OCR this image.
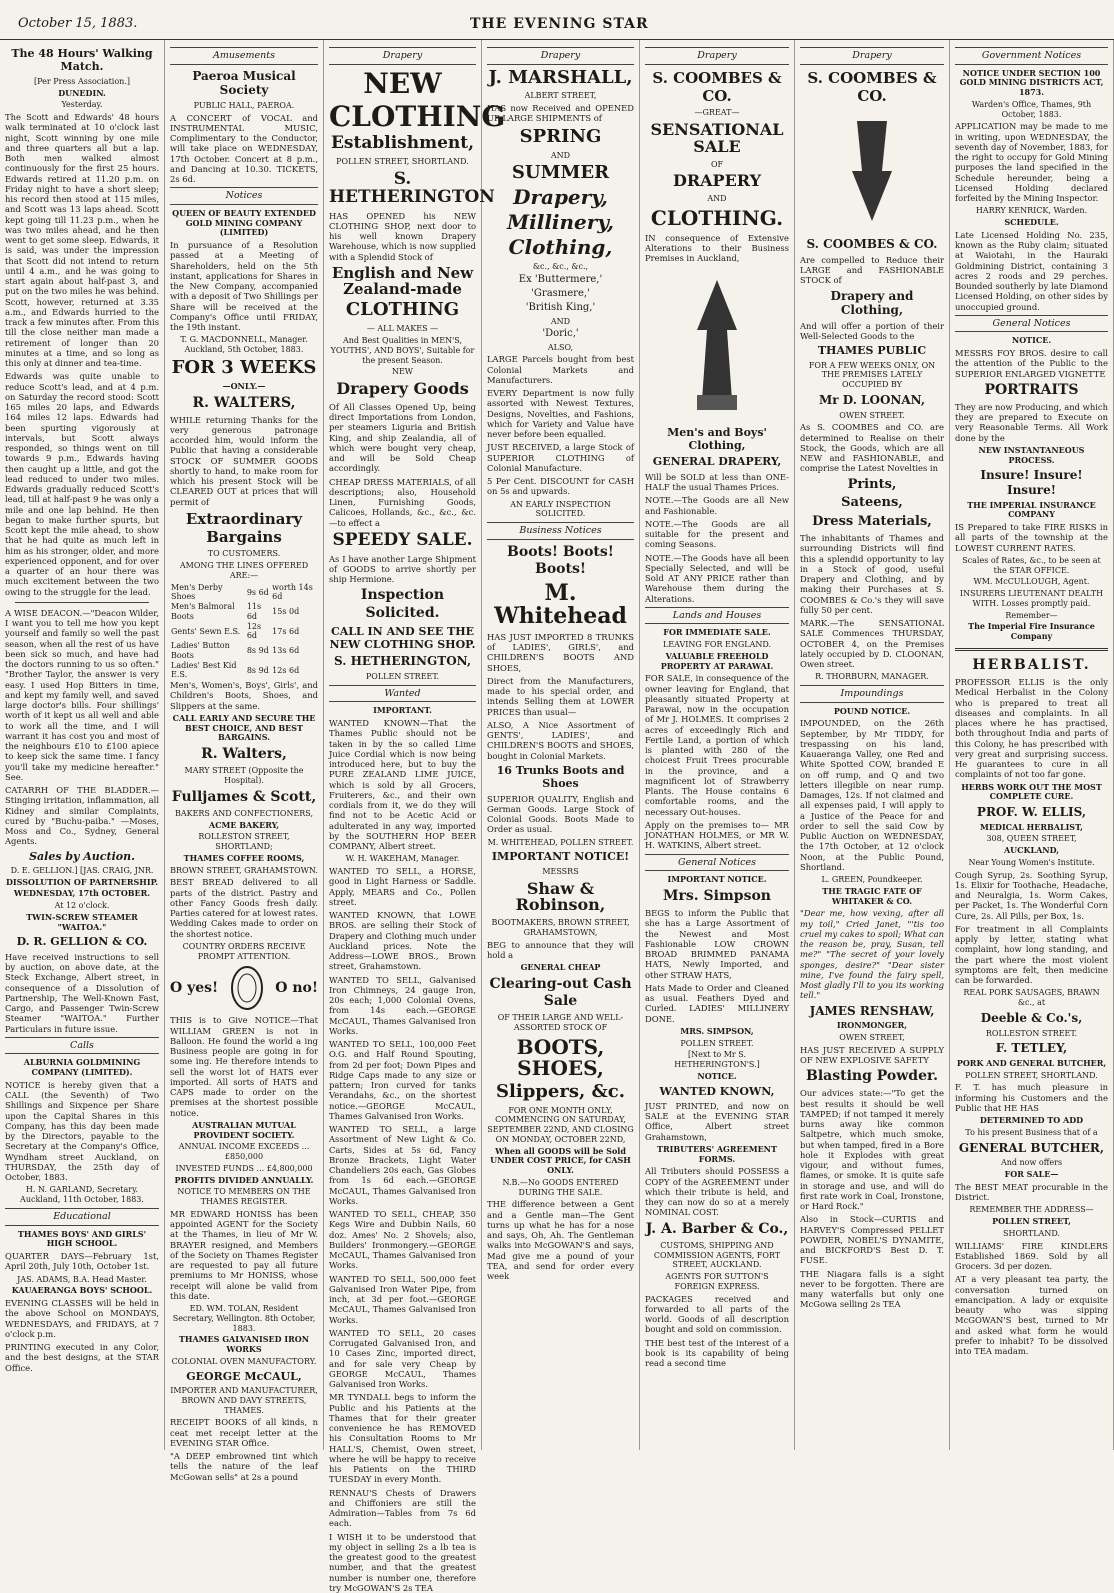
October 15, 1883.	THE EVENING STAR
The 48 Hours' Walking Match.
[Per Press Association.]
DUNEDIN.
Yesterday.

The Scott and Edwards' 48 hours walk terminated at 10 o'clock last night, Scott winning by one mile and three quarters all but a lap. Both men walked almost continuously for the first 25 hours. Edwards retired at 11.20 p.m. on Friday night to have a short sleep; his record then stood at 115 miles, and Scott was 13 laps ahead. Scott kept going till 11.23 p.m., when he was two miles ahead, and he then went to get some sleep. Edwards, it is said, was under the impression that Scott did not intend to return until 4 a.m., and he was going to start again about half-past 3, and put on the two miles he was behind. Scott, however, returned at 3.35 a.m., and Edwards hurried to the track a few minutes after. From this till the close neither man made a retirement of longer than 20 minutes at a time, and so long as this only at dinner and tea-time.

Edwards was quite unable to reduce Scott's lead, and at 4 p.m. on Saturday the record stood: Scott 165 miles 20 laps, and Edwards 164 miles 12 laps. Edwards had been spurting vigorously at intervals, but Scott always responded, so things went on till towards 9 p.m., Edwards having then caught up a little, and got the lead reduced to under two miles. Edwards gradually reduced Scott's lead, till at half-past 9 he was only a mile and one lap behind. He then began to make further spurts, but Scott kept the mile ahead, to show that he had quite as much left in him as his stronger, older, and more experienced opponent, and for over a quarter of an hour there was much excitement between the two owing to the struggle for the lead.

A WISE DEACON.—"Deacon Wilder, I want you to tell me how you kept yourself and family so well the past season, when all the rest of us have been sick so much, and have had the doctors running to us so often." "Brother Taylor, the answer is very easy. I used Hop Bitters in time, and kept my family well, and saved large doctor's bills. Four shillings' worth of it kept us all well and able to work all the time, and I will warrant it has cost you and most of the neighbours £10 to £100 apiece to keep sick the same time. I fancy you'll take my medicine hereafter." See.

CATARRH OF THE BLADDER.—Stinging irritation, inflammation, all Kidney and similar Complaints, cured by "Buchu-paiba." —Moses, Moss and Co., Sydney, General Agents.

Sales by Auction.
D. E. GELLION.] [JAS. CRAIG, JNR.
DISSOLUTION OF PARTNERSHIP.
WEDNESDAY, 17th OCTOBER.
At 12 o'clock.
TWIN-SCREW STEAMER "WAITOA."
D. R. GELLION & CO.

Have received instructions to sell by auction, on above date, at the Steck Exchange, Albert street, in consequence of a Dissolution of Partnership, The Well-Known Fast, Cargo, and Passenger Twin-Screw Steamer "WAITOA." Further Particulars in future issue.

Calls
ALBURNIA GOLDMINING COMPANY (LIMITED).

NOTICE is hereby given that a CALL (the Seventh) of Two Shillings and Sixpence per Share upon the Capital Shares in this Company, has this day been made by the Directors, payable to the Secretary at the Company's Office, Wyndham street Auckland, on THURSDAY, the 25th day of October, 1883.

H. N. GARLAND, Secretary. Auckland, 11th October, 1883.
Educational
THAMES BOYS' AND GIRLS' HIGH SCHOOL.

QUARTER DAYS—February 1st, April 20th, July 10th, October 1st.

JAS. ADAMS, B.A. Head Master.
KAUAERANGA BOYS' SCHOOL.

EVENING CLASSES will be held in the above School on MONDAYS, WEDNESDAYS, and FRIDAYS, at 7 o'clock p.m.

PRINTING executed in any Color, and the best designs, at the STAR Office.

Amusements
Paeroa Musical Society
PUBLIC HALL, PAEROA.

A CONCERT of VOCAL and INSTRUMENTAL MUSIC, Complimentary to the Conductor, will take place on WEDNESDAY, 17th October. Concert at 8 p.m., and Dancing at 10.30. TICKETS, 2s 6d.

Notices
QUEEN OF BEAUTY EXTENDED GOLD MINING COMPANY (LIMITED)

In pursuance of a Resolution passed at a Meeting of Shareholders, held on the 5th instant, applications for Shares in the New Company, accompanied with a deposit of Two Shillings per Share will be received at the Company's Office until FRIDAY, the 19th instant.

T. G. MACDONNELL, Manager. Auckland, 5th October, 1883.
FOR 3 WEEKS
—ONLY.—
R. WALTERS,

WHILE returning Thanks for the very generous patronage accorded him, would inform the Public that having a considerable STOCK OF SUMMER GOODS shortly to hand, to make room for which his present Stock will be CLEARED OUT at prices that will permit of

Extraordinary Bargains
TO CUSTOMERS.
AMONG THE LINES OFFERED ARE:—
Men's Derby Shoes	9s 6d	worth 14s 6d
Men's Balmoral Boots	11s 6d	15s 0d
Gents' Sewn E.S.	12s 6d	17s 6d
Ladies' Button Boots	8s 9d	13s 6d
Ladies' Best Kid E.S.	8s 9d	12s 6d

Men's, Women's, Boys', Girls', and Children's Boots, Shoes, and Slippers at the same.

CALL EARLY AND SECURE THE BEST CHOICE, AND BEST BARGAINS.
R. Walters,
MARY STREET (Opposite the Hospital).
Fulljames & Scott,
BAKERS AND CONFECTIONERS,
ACME BAKERY,
ROLLESTON STREET, SHORTLAND;
THAMES COFFEE ROOMS,
BROWN STREET, GRAHAMSTOWN.

BEST BREAD delivered to all parts of the district. Pastry and other Fancy Goods fresh daily. Parties catered for at lowest rates. Wedding Cakes made to order on the shortest notice.

COUNTRY ORDERS RECEIVE PROMPT ATTENTION.
O yes!	O no!

THIS is to Give NOTICE—That WILLIAM GREEN is not in Balloon. He found the world a ing Business people are going in for some ing. He therefore intends to sell the worst lot of HATS ever imported. All sorts of HATS and CAPS made to order on the premises at the shortest possible notice.

AUSTRALIAN MUTUAL PROVIDENT SOCIETY.
ANNUAL INCOME EXCEEDS ... £850,000
INVESTED FUNDS ... £4,800,000
PROFITS DIVIDED ANNUALLY.
NOTICE TO MEMBERS ON THE THAMES REGISTER.

MR EDWARD HONISS has been appointed AGENT for the Society at the Thames, in lieu of Mr W. BRAYER resigned, and Members of the Society on Thames Register are requested to pay all future premiums to Mr HONISS, whose receipt will alone be valid from this date.

ED. WM. TOLAN, Resident Secretary, Wellington. 8th October, 1883.
THAMES GALVANISED IRON WORKS
COLONIAL OVEN MANUFACTORY.
GEORGE McCAUL,
IMPORTER AND MANUFACTURER, BROWN AND DAVY STREETS, THAMES.

RECEIPT BOOKS of all kinds, n ceat met receipt letter at the EVENING STAR Office.

"A DEEP embrowned tint which tells the nature of the leaf McGowan sells" at 2s a pound

Drapery
NEW
CLOTHING
Establishment,
POLLEN STREET, SHORTLAND.
S. HETHERINGTON

HAS OPENED his NEW CLOTHING SHOP, next door to his well known Drapery Warehouse, which is now supplied with a Splendid Stock of

English and New Zealand-made
CLOTHING
— ALL MAKES —
And Best Qualities in MEN'S, YOUTHS', AND BOYS', Suitable for the present Season.
NEW
Drapery Goods

Of All Classes Opened Up, being direct Importations from London, per steamers Liguria and British King, and ship Zealandia, all of which were bought very cheap, and will be Sold Cheap accordingly.

CHEAP DRESS MATERIALS, of all descriptions; also, Household Linen, Furnishing Goods, Calicoes, Hollands, &c., &c., &c.—to effect a

SPEEDY SALE.

As I have another Large Shipment of GOODS to arrive shortly per ship Hermione.

Inspection Solicited.
CALL IN AND SEE THE NEW CLOTHING SHOP.
S. HETHERINGTON,
POLLEN STREET.
Wanted
IMPORTANT.

WANTED KNOWN—That the Thames Public should not be taken in by the so called Lime Juice Cordial which is now being introduced here, but to buy the PURE ZEALAND LIME JUICE, which is sold by all Grocers, Fruiterers, &c., and their own cordials from it, we do they will find not to be Acetic Acid or adulterated in any way, imported by the SOUTHERN HOP BEER COMPANY, Albert street.

W. H. WAKEHAM, Manager.

WANTED TO SELL, a HORSE, good in Light Harness or Saddle. Apply, MEARS and Co., Pollen street.

WANTED KNOWN, that LOWE BROS. are selling their Stock of Drapery and Clothing much under Auckland prices. Note the Address—LOWE BROS., Brown street, Grahamstown.

WANTED TO SELL, Galvanised Iron Chimneys, 24 gauge Iron, 20s each; 1,000 Colonial Ovens, from 14s each.—GEORGE McCAUL, Thames Galvanised Iron Works.

WANTED TO SELL, 100,000 Feet O.G. and Half Round Spouting, from 2d per foot; Down Pipes and Ridge Caps made to any size or pattern; Iron curved for tanks Verandahs, &c., on the shortest notice.—GEORGE McCAUL, Thames Galvanised Iron Works.

WANTED TO SELL, a large Assortment of New Light & Co. Carts, Sides at 5s 6d, Fancy Bronze Brackets, Light Water Chandeliers 20s each, Gas Globes from 1s 6d each.—GEORGE McCAUL, Thames Galvanised Iron Works.

WANTED TO SELL, CHEAP, 350 Kegs Wire and Dubbin Nails, 60 doz. Ames' No. 2 Shovels; also, Builders' Ironmongery.—GEORGE McCAUL, Thames Galvanised Iron Works.

WANTED TO SELL, 500,000 feet Galvanised Iron Water Pipe, from inch, at 3d per foot.—GEORGE McCAUL, Thames Galvanised Iron Works.

WANTED TO SELL, 20 cases Corrugated Galvanised Iron, and 10 Cases Zinc, imported direct, and for sale very Cheap by GEORGE McCAUL, Thames Galvanised Iron Works.

MR TYNDALL begs to inform the Public and his Patients at the Thames that for their greater convenience he has REMOVED his Consultation Rooms to Mr HALL'S, Chemist, Owen street, where he will be happy to receive his Patients on the THIRD TUESDAY in every Month.

RENNAU'S Chests of Drawers and Chiffoniers are still the Admiration—Tables from 7s 6d each.

I WISH it to be understood that my object in selling 2s a lb tea is the greatest good to the greatest number, and that the greatest number is number one, therefore try McGOWAN'S 2s TEA

Drapery
J. MARSHALL,
ALBERT STREET,

HAS now Received and OPENED UP LARGE SHIPMENTS of

SPRING
AND
SUMMER
Drapery,
Millinery,
Clothing,
&c., &c., &c.,
Ex 'Buttermere,'
'Grasmere,'
'British King,'
AND
'Doric,'
ALSO,

LARGE Parcels bought from best Colonial Markets and Manufacturers.

EVERY Department is now fully assorted with Newest Textures, Designs, Novelties, and Fashions, which for Variety and Value have never before been equalled.

JUST RECEIVED, a large Stock of SUPERIOR CLOTHING of Colonial Manufacture.

5 Per Cent. DISCOUNT for CASH on 5s and upwards.

AN EARLY INSPECTION SOLICITED.
Business Notices
Boots! Boots! Boots!
M. Whitehead

HAS JUST IMPORTED 8 TRUNKS of LADIES', GIRLS', and CHILDREN'S BOOTS AND SHOES,

Direct from the Manufacturers, made to his special order, and intends Selling them at LOWER PRICES than usual—

ALSO, A Nice Assortment of GENTS', LADIES', and CHILDREN'S BOOTS and SHOES, bought in Colonial Markets.

16 Trunks Boots and Shoes

SUPERIOR QUALITY, English and German Goods. Large Stock of Colonial Goods. Boots Made to Order as usual.

M. WHITEHEAD, POLLEN STREET.
IMPORTANT NOTICE!
MESSRS
Shaw & Robinson,
BOOTMAKERS, BROWN STREET, GRAHAMSTOWN,

BEG to announce that they will hold a

GENERAL CHEAP
Clearing-out Cash Sale
OF THEIR LARGE AND WELL-ASSORTED STOCK OF
BOOTS, SHOES,
Slippers, &c.
FOR ONE MONTH ONLY, COMMENCING ON SATURDAY, SEPTEMBER 22ND, AND CLOSING ON MONDAY, OCTOBER 22ND,
When all GOODS will be Sold UNDER COST PRICE, for CASH ONLY.
N.B.—No GOODS ENTERED DURING THE SALE.

THE difference between a Gent and a Gentle man—The Gent turns up what he has for a nose and says, Oh, Ah. The Gentleman walks into McGOWAN'S and says, Mad give me a pound of your TEA, and send for order every week

Drapery
S. COOMBES & CO.
—GREAT—
SENSATIONAL SALE
OF
DRAPERY
AND
CLOTHING.

IN consequence of Extensive Alterations to their Business Premises in Auckland,

Men's and Boys' Clothing,
GENERAL DRAPERY,

Will be SOLD at less than ONE-HALF the usual Thames Prices.

NOTE.—The Goods are all New and Fashionable.

NOTE.—The Goods are all suitable for the present and coming Seasons.

NOTE.—The Goods have all been Specially Selected, and will be Sold AT ANY PRICE rather than Warehouse them during the Alterations.

Lands and Houses
FOR IMMEDIATE SALE.
LEAVING FOR ENGLAND.
VALUABLE FREEHOLD PROPERTY AT PARAWAI.

FOR SALE, in consequence of the owner leaving for England, that pleasantly situated Property at Parawai, now in the occupation of Mr J. HOLMES. It comprises 2 acres of exceedingly Rich and Fertile Land, a portion of which is planted with 280 of the choicest Fruit Trees procurable in the province, and a magnificent lot of Strawberry Plants. The House contains 6 comfortable rooms, and the necessary Out-houses.

Apply on the premises to— MR JONATHAN HOLMES, or MR W. H. WATKINS, Albert street.

General Notices
IMPORTANT NOTICE.
Mrs. Simpson

BEGS to inform the Public that she has a Large Assortment of the Newest and Most Fashionable LOW CROWN BROAD BRIMMED PANAMA HATS, Newly Imported, and other STRAW HATS,

Hats Made to Order and Cleaned as usual. Feathers Dyed and Curled. LADIES' MILLINERY DONE.

MRS. SIMPSON,
POLLEN STREET.
[Next to Mr S. HETHERINGTON'S.]
NOTICE.
WANTED KNOWN,

JUST PRINTED, and now on SALE at the EVENING STAR Office, Albert street Grahamstown,

TRIBUTERS' AGREEMENT FORMS.

All Tributers should POSSESS a COPY of the AGREEMENT under which their tribute is held, and they can now do so at a merely NOMINAL COST.

J. A. Barber & Co.,
CUSTOMS, SHIPPING AND COMMISSION AGENTS, FORT STREET, AUCKLAND.
AGENTS FOR SUTTON'S FOREIGN EXPRESS.

PACKAGES received and forwarded to all parts of the world. Goods of all description bought and sold on commission.

THE best test of the interest of a book is its capability of being read a second time

Drapery
S. COOMBES & CO.
S. COOMBES & CO.

Are compelled to Reduce their LARGE and FASHIONABLE STOCK of

Drapery and Clothing,

And will offer a portion of their Well-Selected Goods to the

THAMES PUBLIC
FOR A FEW WEEKS ONLY, ON THE PREMISES LATELY OCCUPIED BY
Mr D. LOONAN,
OWEN STREET.

As S. COOMBES and CO. are determined to Realise on their Stock, the Goods, which are all NEW and FASHIONABLE, and comprise the Latest Novelties in

Prints,
Sateens,
Dress Materials,

The inhabitants of Thames and surrounding Districts will find this a splendid opportunity to lay in a Stock of good, useful Drapery and Clothing, and by making their Purchases at S. COOMBES & Co.'s they will save fully 50 per cent.

MARK.—The SENSATIONAL SALE Commences THURSDAY, OCTOBER 4, on the Premises lately occupied by D. CLOONAN, Owen street.

R. THORBURN, MANAGER.
Impoundings
POUND NOTICE.

IMPOUNDED, on the 26th September, by Mr TIDDY, for trespassing on his land, Kauaeranga Valley, one Red and White Spotted COW, branded E on off rump, and Q and two letters illegible on near rump. Damages, 12s. If not claimed and all expenses paid, I will apply to a Justice of the Peace for and order to sell the said Cow by Public Auction on WEDNESDAY, the 17th October, at 12 o'clock Noon, at the Public Pound, Shortland.

L. GREEN, Poundkeeper.
THE TRAGIC FATE OF WHITAKER & CO.

"Dear me, how vexing, after all my toil," Cried Janet, "'tis too cruel my cakes to spoil; What can the reason be, pray, Susan, tell me?" "The secret of your lovely sponges, desire?" "Dear sister mine, I've found the fairy spell, Most gladly I'll to you its working tell."

JAMES RENSHAW,
IRONMONGER,
OWEN STREET,

HAS JUST RECEIVED A SUPPLY OF NEW EXPLOSIVE SAFETY

Blasting Powder.

Our advices state:—"To get the best results it should be well TAMPED; if not tamped it merely burns away like common Saltpetre, which much smoke, but when tamped, fired in a Bore hole it Explodes with great vigour, and without fumes, flames, or smoke. It is quite safe in storage and use, and will do first rate work in Coal, Ironstone, or Hard Rock."

Also in Stock—CURTIS and HARVEY'S Compressed PELLET POWDER, NOBEL'S DYNAMITE, and BICKFORD'S Best D. T. FUSE.

THE Niagara falls is a sight never to be forgotten. There are many waterfalls but only one McGowa selling 2s TEA

Government Notices
NOTICE UNDER SECTION 100 GOLD MINING DISTRICTS ACT, 1873.
Warden's Office, Thames, 9th October, 1883.

APPLICATION may be made to me in writing, upon WEDNESDAY, the seventh day of November, 1883, for the right to occupy for Gold Mining purposes the land specified in the Schedule hereunder, being a Licensed Holding declared forfeited by the Mining Inspector.

HARRY KENRICK, Warden.
SCHEDULE.

Late Licensed Holding No. 235, known as the Ruby claim; situated at Waiotahi, in the Hauraki Goldmining District, containing 3 acres 2 roods and 29 perches. Bounded southerly by late Diamond Licensed Holding, on other sides by unoccupied ground.

General Notices
NOTICE.

MESSRS FOY BROS. desire to call the attention of the Public to the SUPERIOR ENLARGED VIGNETTE

PORTRAITS

They are now Producing, and which they are prepared to Execute on very Reasonable Terms. All Work done by the

NEW INSTANTANEOUS PROCESS.
Insure! Insure! Insure!
THE IMPERIAL INSURANCE COMPANY

IS Prepared to take FIRE RISKS in all parts of the township at the LOWEST CURRENT RATES.

Scales of Rates, &c., to be seen at the STAR OFFICE.
WM. McCULLOUGH, Agent.
INSURERS LIEUTENANT DEALTH WITH. Losses promptly paid.
Remember—
The Imperial Fire Insurance Company
HERBALIST.

PROFESSOR ELLIS is the only Medical Herbalist in the Colony who is prepared to treat all diseases and complaints. In all places where he has practised, both throughout India and parts of this Colony, he has prescribed with very great and surprising success. He guarantees to cure in all complaints of not too far gone.

HERBS WORK OUT THE MOST COMPLETE CURE.
PROF. W. ELLIS,
MEDICAL HERBALIST,
308, QUEEN STREET,
AUCKLAND,
Near Young Women's Institute.

Cough Syrup, 2s. Soothing Syrup, 1s. Elixir for Toothache, Headache, and Neuralgia, 1s. Worm Cakes, per Packet, 1s. The Wonderful Corn Cure, 2s. All Pills, per Box, 1s.

For treatment in all Complaints apply by letter, stating what complaint, how long standing, and the part where the most violent symptoms are felt, then medicine can be forwarded.

REAL PORK SAUSAGES, BRAWN &c., at
Deeble & Co.'s,
ROLLESTON STREET.
F. TETLEY,
PORK AND GENERAL BUTCHER,
POLLEN STREET, SHORTLAND.

F. T. has much pleasure in informing his Customers and the Public that HE HAS

DETERMINED TO ADD
To his present Business that of a
GENERAL BUTCHER,
And now offers
FOR SALE—

The BEST MEAT procurable in the District.

REMEMBER THE ADDRESS—
POLLEN STREET,
SHORTLAND.

WILLIAMS' FIRE KINDLERS Established 1869. Sold by all Grocers. 3d per dozen.

AT a very pleasant tea party, the conversation turned on emancipation. A lady or exquisite beauty who was sipping McGOWAN'S best, turned to Mr and asked what form he would prefer to inhabit? To be dissolved into TEA madam.
